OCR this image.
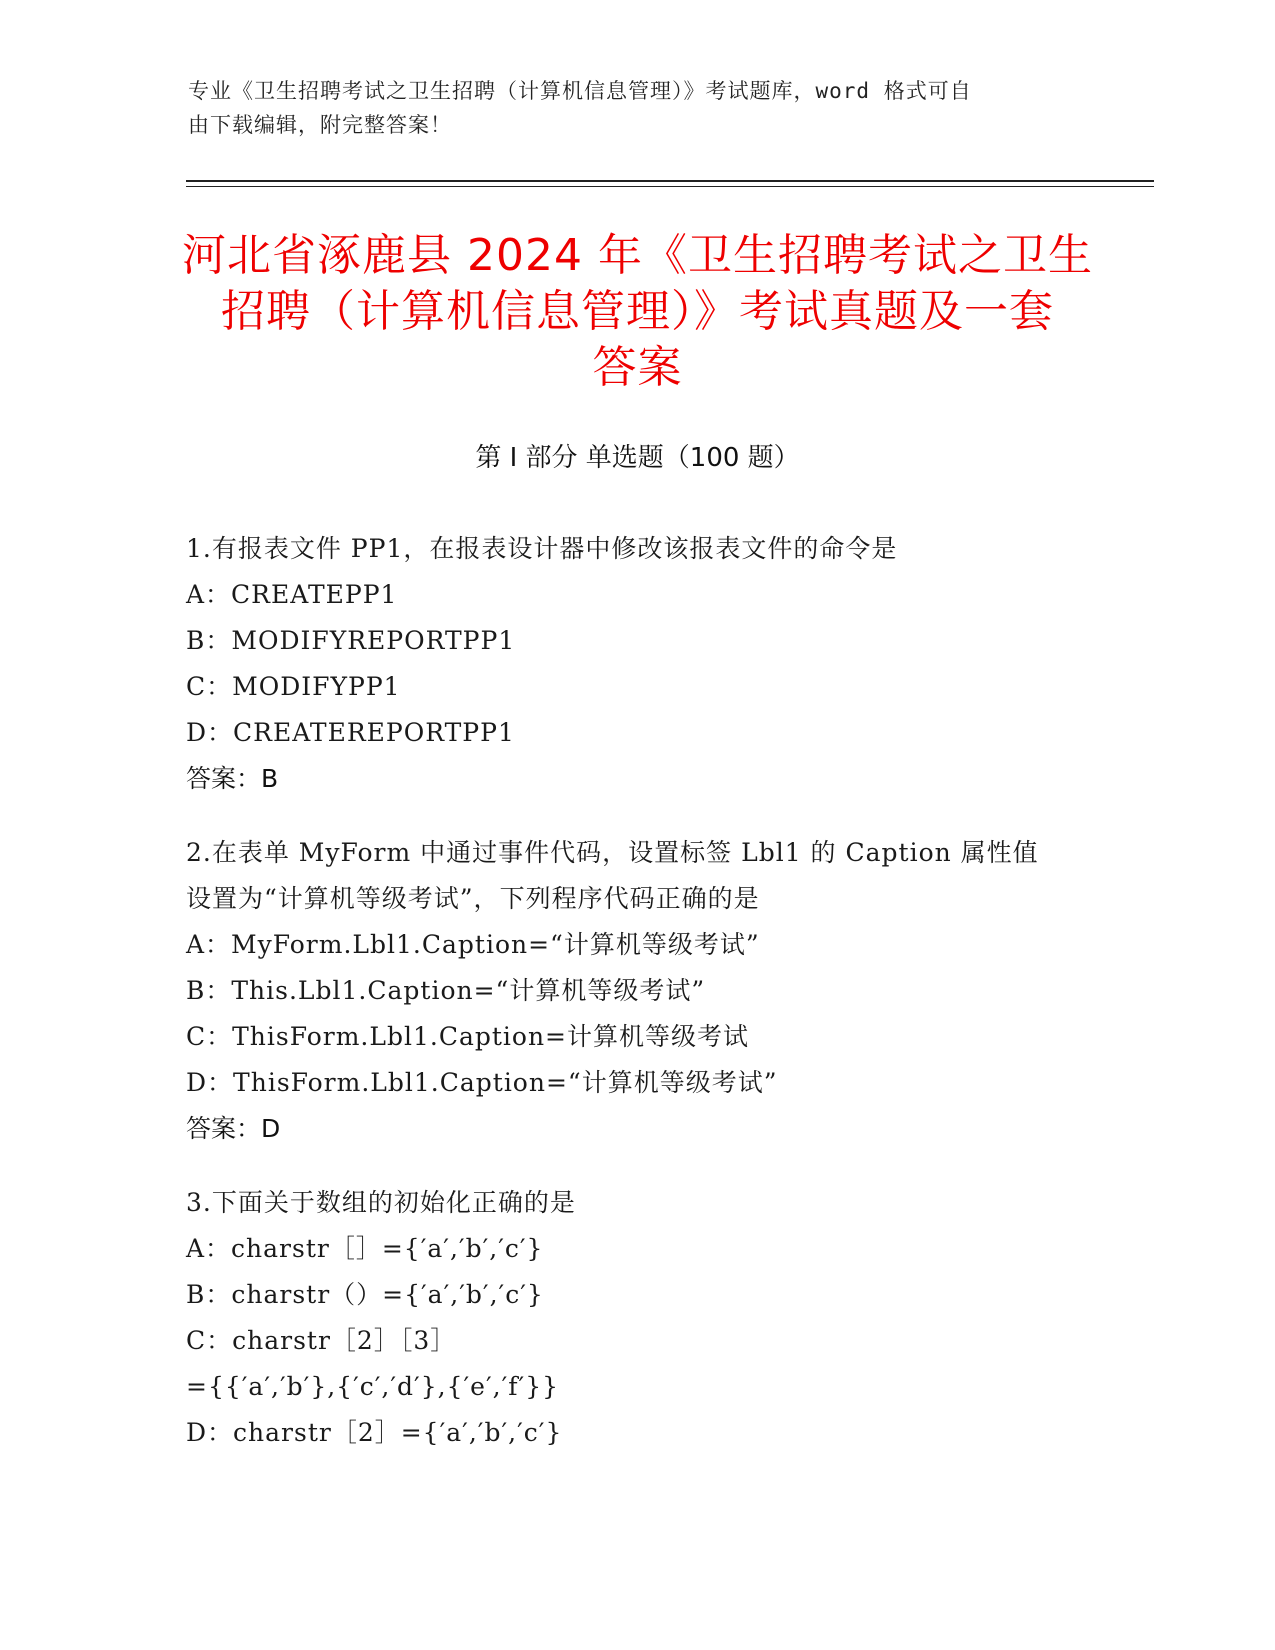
专业《卫生招聘考试之卫生招聘（计算机信息管理）》考试题库，word 格式可自
由下载编辑，附完整答案！
河北省涿鹿县 2024 年《卫生招聘考试之卫生
招聘（计算机信息管理）》考试真题及一套
答案
第 I 部分 单选题（100 题）
1.有报表文件 PP1，在报表设计器中修改该报表文件的命令是
A：CREATEPP1
B：MODIFYREPORTPP1
C：MODIFYPP1
D：CREATEREPORTPP1
答案：B
2.在表单 MyForm 中通过事件代码，设置标签 Lbl1 的 Caption 属性值
设置为“计算机等级考试”，下列程序代码正确的是
A：MyForm.Lbl1.Caption=“计算机等级考试”
B：This.Lbl1.Caption=“计算机等级考试”
C：ThisForm.Lbl1.Caption=计算机等级考试
D：ThisForm.Lbl1.Caption=“计算机等级考试”
答案：D
3.下面关于数组的初始化正确的是
A：charstr［］={′a′,′b′,′c′}
B：charstr（）={′a′,′b′,′c′}
C：charstr［2］［3］
={{′a′,′b′},{′c′,′d′},{′e′,′f′}}
D：charstr［2］={′a′,′b′,′c′}
